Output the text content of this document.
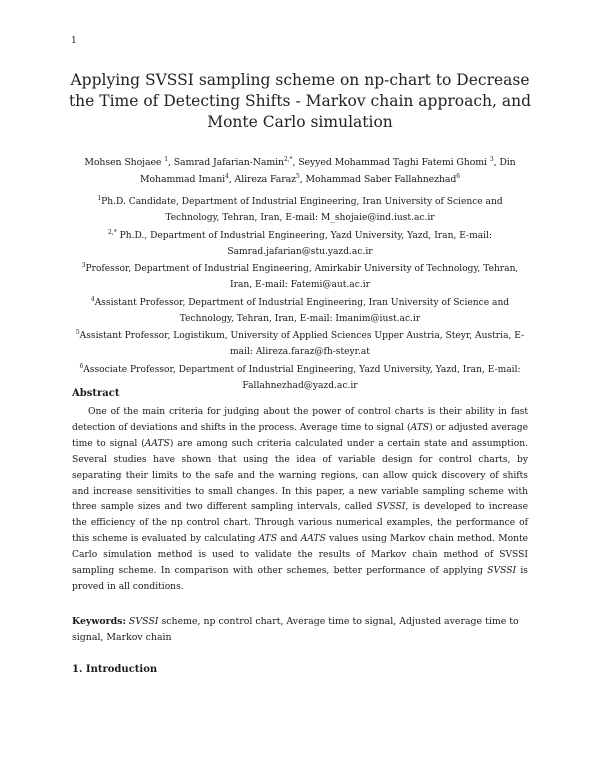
1
Applying SVSSI sampling scheme on np-chart to Decrease the Time of Detecting Shifts - Markov chain approach, and Monte Carlo simulation
Mohsen Shojaee $^1$, Samrad Jafarian-Namin$^{2,*}$, Seyyed Mohammad Taghi Fatemi Ghomi $^3$, Din Mohammad Imani$^4$, Alireza Faraz$^5$, Mohammad Saber Fallahnezhad$^6$

$^1$Ph.D. Candidate, Department of Industrial Engineering, Iran University of Science and Technology, Tehran, Iran, E-mail: M_shojaie@ind.iust.ac.ir

$^{2,*}$ Ph.D., Department of Industrial Engineering, Yazd University, Yazd, Iran, E-mail: Samrad.jafarian@stu.yazd.ac.ir

$^3$Professor, Department of Industrial Engineering, Amirkabir University of Technology, Tehran, Iran, E-mail: Fatemi@aut.ac.ir

$^4$Assistant Professor, Department of Industrial Engineering, Iran University of Science and Technology, Tehran, Iran, E-mail: Imanim@iust.ac.ir

$^5$Assistant Professor, Logistikum, University of Applied Sciences Upper Austria, Steyr, Austria, E-mail: Alireza.faraz@fh-steyr.at

$^6$Associate Professor, Department of Industrial Engineering, Yazd University, Yazd, Iran, E-mail: Fallahnezhad@yazd.ac.ir

Abstract

One of the main criteria for judging about the power of control charts is their ability in fast detection of deviations and shifts in the process. Average time to signal (ATS) or adjusted average time to signal (AATS) are among such criteria calculated under a certain state and assumption. Several studies have shown that using the idea of variable design for control charts, by separating their limits to the safe and the warning regions, can allow quick discovery of shifts and increase sensitivities to small changes. In this paper, a new variable sampling scheme with three sample sizes and two different sampling intervals, called SVSSI, is developed to increase the efficiency of the np control chart. Through various numerical examples, the performance of this scheme is evaluated by calculating ATS and AATS values using Markov chain method. Monte Carlo simulation method is used to validate the results of Markov chain method of SVSSI sampling scheme. In comparison with other schemes, better performance of applying SVSSI is proved in all conditions.

Keywords: SVSSI scheme, np control chart, Average time to signal, Adjusted average time to signal, Markov chain

1. Introduction
